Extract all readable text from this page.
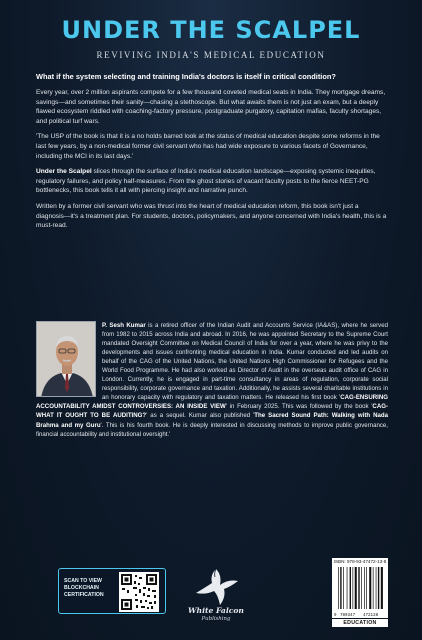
UNDER THE SCALPEL
REVIVING INDIA'S MEDICAL EDUCATION
What if the system selecting and training India's doctors is itself in critical condition?

Every year, over 2 million aspirants compete for a few thousand coveted medical seats in India. They mortgage dreams, savings—and sometimes their sanity—chasing a stethoscope. But what awaits them is not just an exam, but a deeply flawed ecosystem riddled with coaching-factory pressure, postgraduate purgatory, capitation mafias, faculty shortages, and political turf wars.

'The USP of the book is that it is a no holds barred look at the status of medical education despite some reforms in the last few years, by a non-medical former civil servant who has had wide exposure to various facets of Governance, including the MCI in its last days.'

Under the Scalpel slices through the surface of India's medical education landscape—exposing systemic inequities, regulatory failures, and policy half-measures. From the ghost stories of vacant faculty posts to the fierce NEET-PG bottlenecks, this book tells it all with piercing insight and narrative punch.

Written by a former civil servant who was thrust into the heart of medical education reform, this book isn't just a diagnosis—it's a treatment plan. For students, doctors, policymakers, and anyone concerned with India's health, this is a must-read.

P. Sesh Kumar is a retired officer of the Indian Audit and Accounts Service (IA&AS), where he served from 1982 to 2015 across India and abroad. In 2016, he was appointed Secretary to the Supreme Court mandated Oversight Committee on Medical Council of India for over a year, where he was privy to the developments and issues confronting medical education in India. Kumar conducted and led audits on behalf of the CAG of the United Nations, the United Nations High Commissioner for Refugees and the World Food Programme. He had also worked as Director of Audit in the overseas audit office of CAG in London. Currently, he is engaged in part-time consultancy in areas of regulation, corporate social responsibility, corporate governance and taxation. Additionally, he assists several charitable institutions in an honorary capacity with regulatory and taxation matters. He released his first book 'CAG-ENSURING ACCOUNTABILITY AMIDST CONTROVERSIES: AN INSIDE VIEW' in February 2025. This was followed by the book 'CAG-WHAT IT OUGHT TO BE AUDITING?' as a sequel. Kumar also published 'The Sacred Sound Path: Walking with Nada Brahma and my Guru'. This is his fourth book. He is deeply interested in discussing methods to improve public governance, financial accountability and institutional oversight.'
SCAN TO VIEW BLOCKCHAIN CERTIFICATION
White Falcon
Publishing
ISBN: 978-93-47472-13-8
9 789347 472138
EDUCATION
